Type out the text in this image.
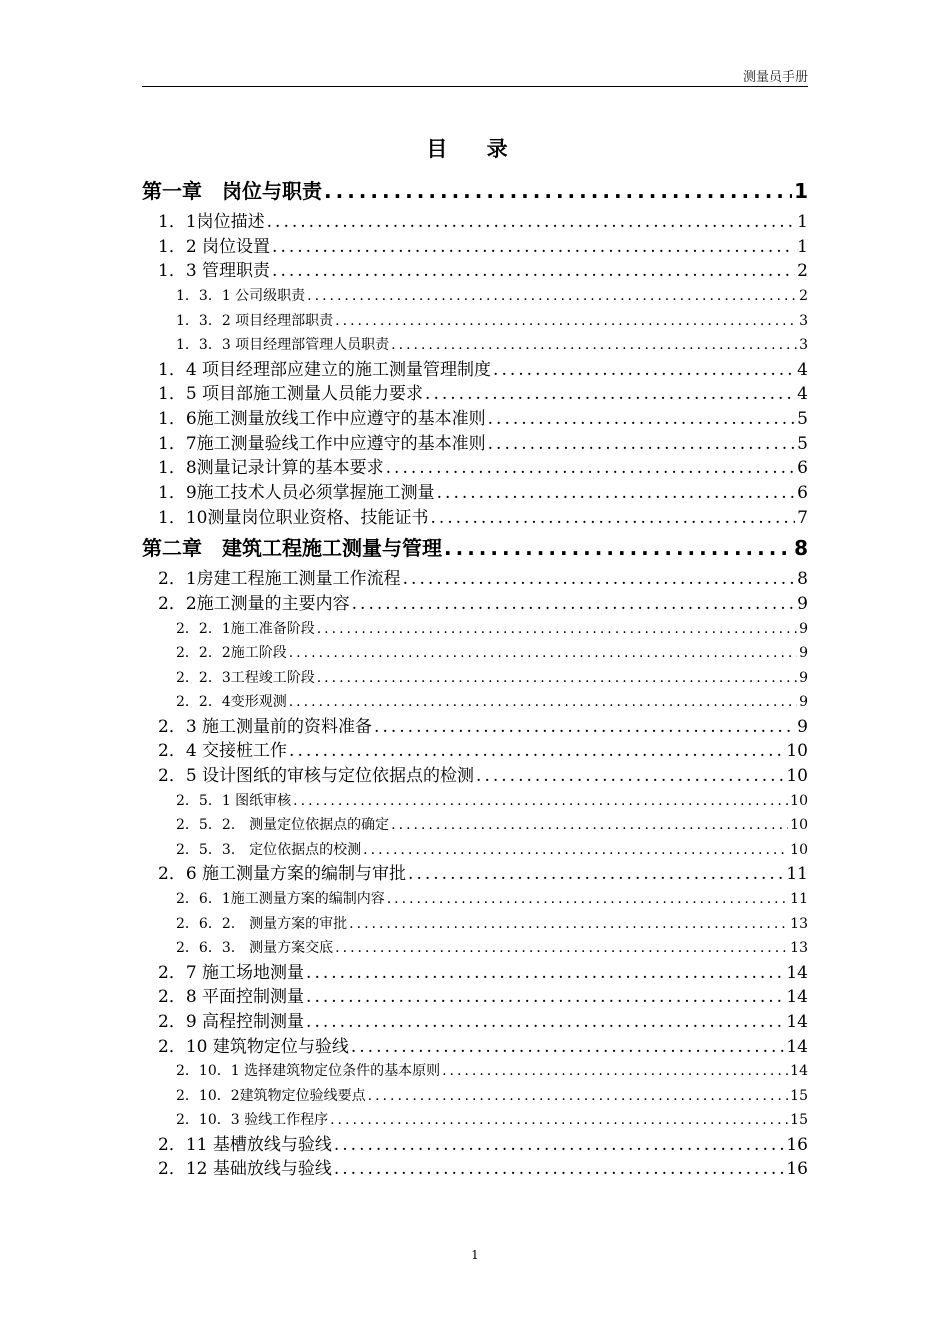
测量员手册
目 录
第一章　岗位与职责 .....	1
1．1岗位描述 .....	1
1．2 岗位设置 .....	1
1．3 管理职责 .....	2
1．3．1 公司级职责 .....	2
1．3．2 项目经理部职责 .....	3
1．3．3 项目经理部管理人员职责 .....	3
1．4 项目经理部应建立的施工测量管理制度 .....	4
1．5 项目部施工测量人员能力要求 .....	4
1．6施工测量放线工作中应遵守的基本准则 .....	5
1．7施工测量验线工作中应遵守的基本准则 .....	5
1．8测量记录计算的基本要求 .....	6
1．9施工技术人员必须掌握施工测量 .....	6
1．10测量岗位职业资格、技能证书 .....	7
第二章　建筑工程施工测量与管理 .....	8
2．1房建工程施工测量工作流程 .....	8
2．2施工测量的主要内容 .....	9
2．2．1施工准备阶段 .....	9
2．2．2施工阶段 .....	9
2．2．3工程竣工阶段 .....	9
2．2．4变形观测 .....	9
2．3 施工测量前的资料准备 .....	9
2．4 交接桩工作 .....	10
2．5 设计图纸的审核与定位依据点的检测 .....	10
2．5．1 图纸审核 .....	10
2．5．2.　测量定位依据点的确定 .....	10
2．5．3.　定位依据点的校测 .....	10
2．6 施工测量方案的编制与审批 .....	11
2．6．1施工测量方案的编制内容 .....	11
2．6．2.　测量方案的审批 .....	13
2．6．3.　测量方案交底 .....	13
2．7 施工场地测量 .....	14
2．8 平面控制测量 .....	14
2．9 高程控制测量 .....	14
2．10 建筑物定位与验线 .....	14
2．10．1 选择建筑物定位条件的基本原则 .....	14
2．10．2建筑物定位验线要点 .....	15
2．10．3 验线工作程序 .....	15
2．11 基槽放线与验线 .....	16
2．12 基础放线与验线 .....	16
1
